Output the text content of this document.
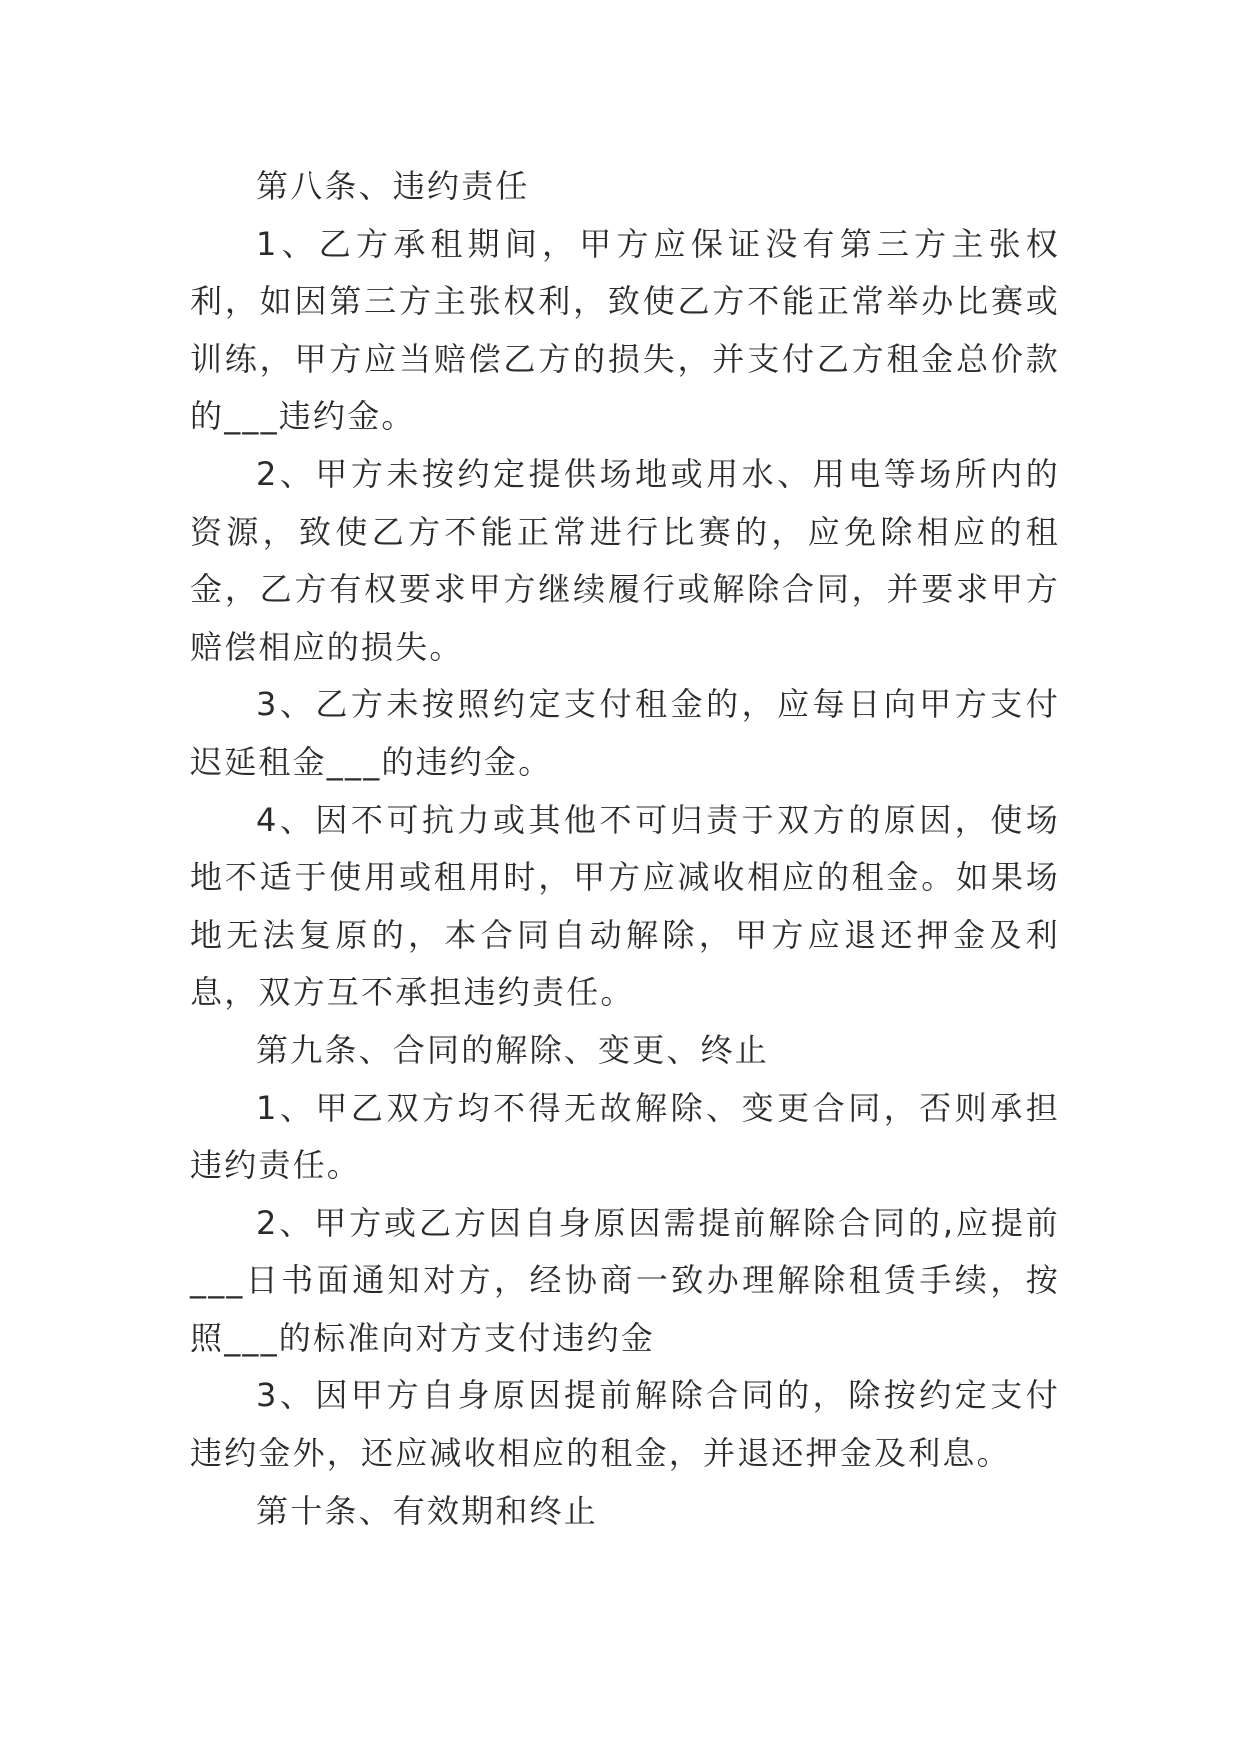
第八条、违约责任

1、乙方承租期间，甲方应保证没有第三方主张权利，如因第三方主张权利，致使乙方不能正常举办比赛或训练，甲方应当赔偿乙方的损失，并支付乙方租金总价款的___违约金。

2、甲方未按约定提供场地或用水、用电等场所内的资源，致使乙方不能正常进行比赛的，应免除相应的租金，乙方有权要求甲方继续履行或解除合同，并要求甲方赔偿相应的损失。

3、乙方未按照约定支付租金的，应每日向甲方支付迟延租金___的违约金。

4、因不可抗力或其他不可归责于双方的原因，使场地不适于使用或租用时，甲方应减收相应的租金。如果场地无法复原的，本合同自动解除，甲方应退还押金及利息，双方互不承担违约责任。

第九条、合同的解除、变更、终止

1、甲乙双方均不得无故解除、变更合同，否则承担违约责任。

2、甲方或乙方因自身原因需提前解除合同的,应提前___日书面通知对方，经协商一致办理解除租赁手续，按照___的标准向对方支付违约金

3、因甲方自身原因提前解除合同的，除按约定支付违约金外，还应减收相应的租金，并退还押金及利息。

第十条、有效期和终止
